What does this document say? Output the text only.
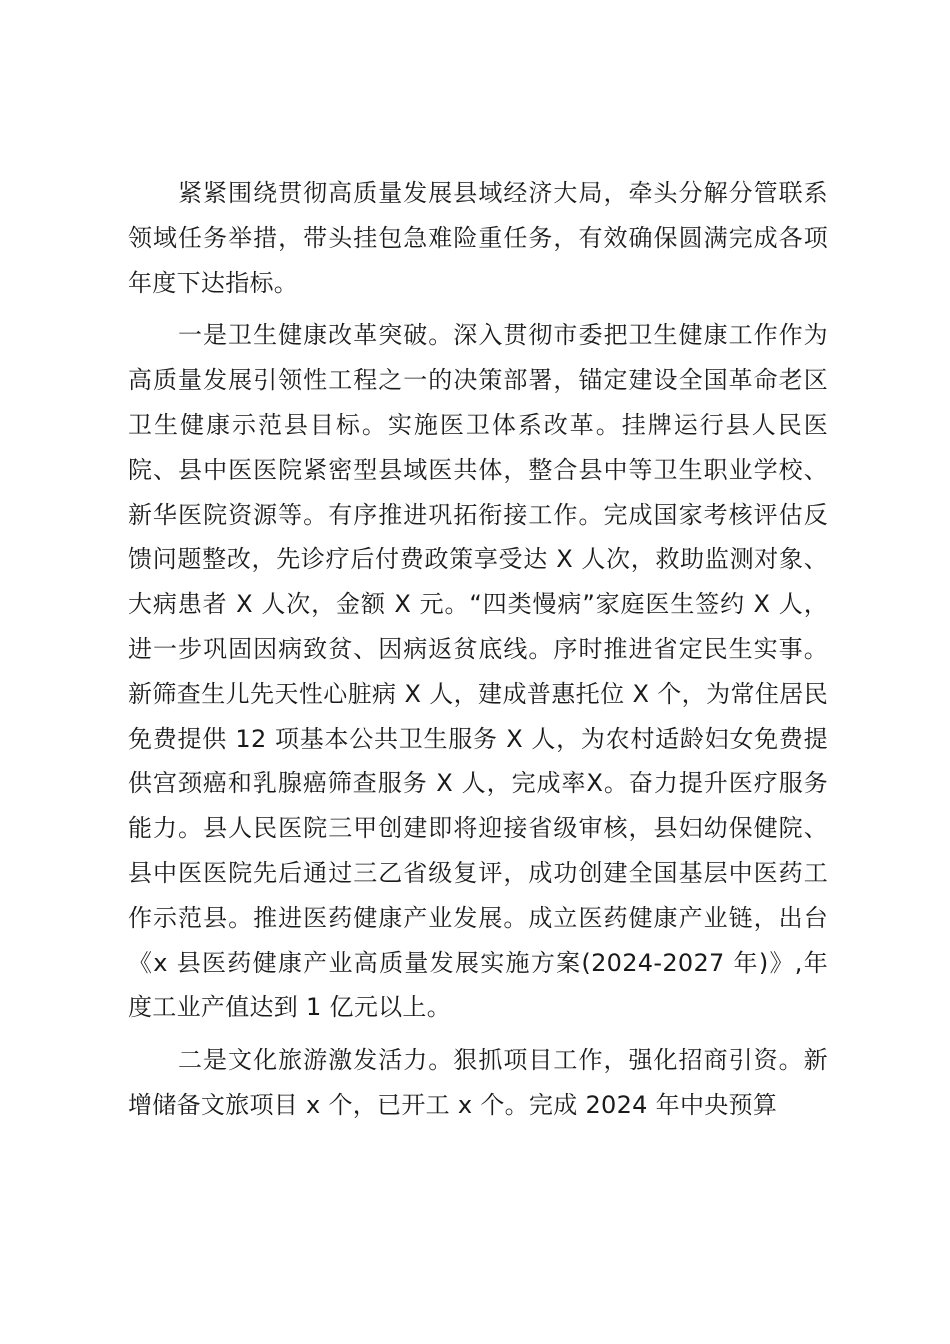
紧紧围绕贯彻高质量发展县域经济大局，牵头分解分管联系领域任务举措，带头挂包急难险重任务，有效确保圆满完成各项年度下达指标。

一是卫生健康改革突破。深入贯彻市委把卫生健康工作作为高质量发展引领性工程之一的决策部署，锚定建设全国革命老区卫生健康示范县目标。实施医卫体系改革。挂牌运行县人民医院、县中医医院紧密型县域医共体，整合县中等卫生职业学校、新华医院资源等。有序推进巩拓衔接工作。完成国家考核评估反馈问题整改，先诊疗后付费政策享受达 X 人次，救助监测对象、大病患者 X 人次，金额 X 元。“四类慢病”家庭医生签约 X 人，进一步巩固因病致贫、因病返贫底线。序时推进省定民生实事。新筛查生儿先天性心脏病 X 人，建成普惠托位 X 个，为常住居民免费提供 12 项基本公共卫生服务 X 人，为农村适龄妇女免费提供宫颈癌和乳腺癌筛查服务 X 人，完成率X。奋力提升医疗服务能力。县人民医院三甲创建即将迎接省级审核，县妇幼保健院、县中医医院先后通过三乙省级复评，成功创建全国基层中医药工作示范县。推进医药健康产业发展。成立医药健康产业链，出台《x 县医药健康产业高质量发展实施方案(2024-2027 年)》,年度工业产值达到 1 亿元以上。

二是文化旅游激发活力。狠抓项目工作，强化招商引资。新增储备文旅项目 x 个，已开工 x 个。完成 2024 年中央预算
